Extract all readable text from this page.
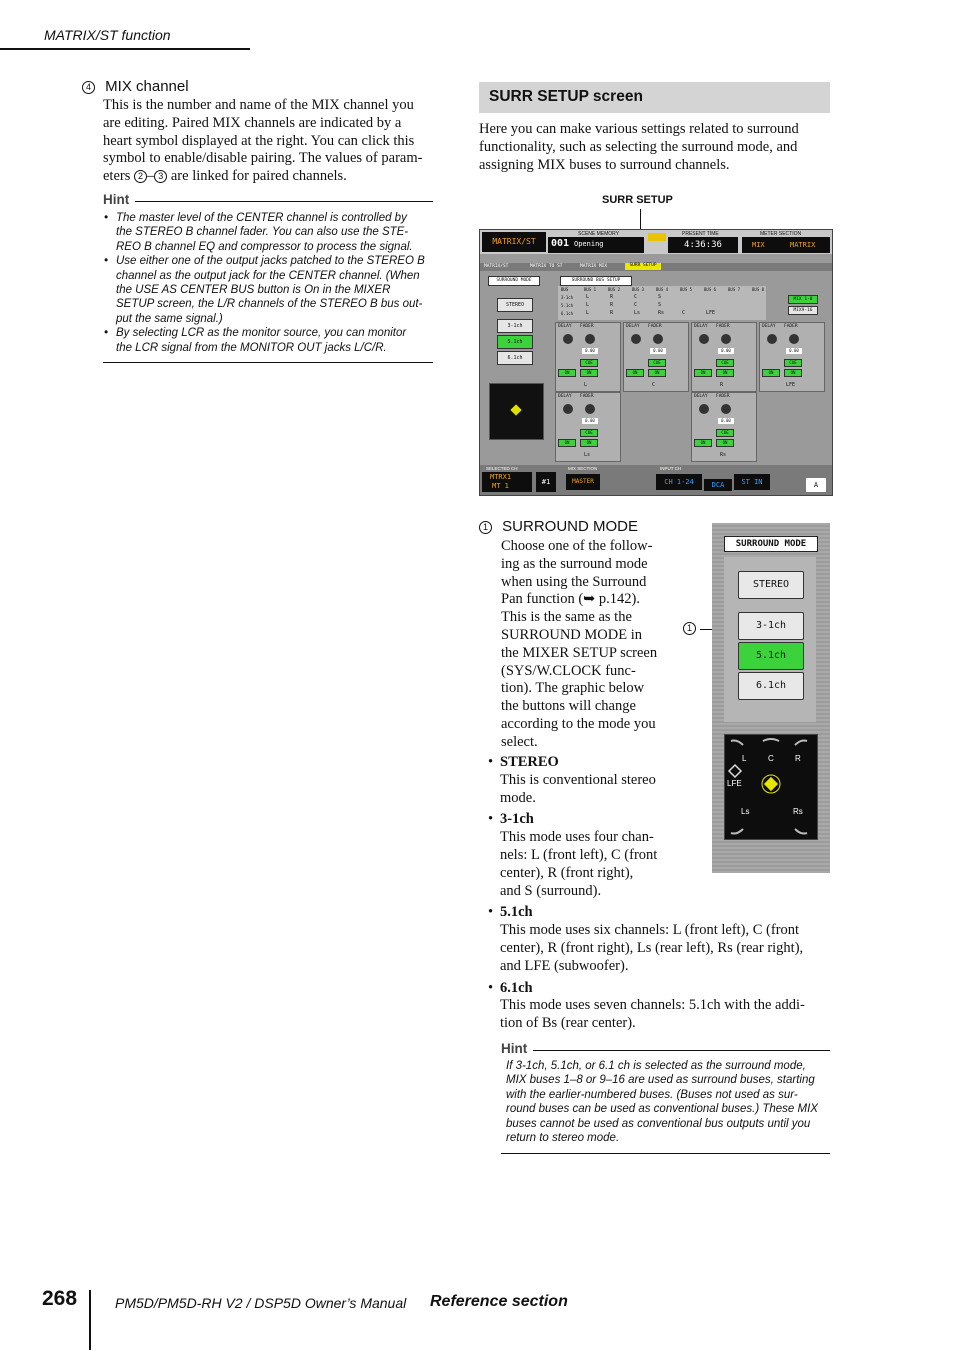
MATRIX/ST function
4 MIX channel
This is the number and name of the MIX channel you
are editing. Paired MIX channels are indicated by a
heart symbol displayed at the right. You can click this
symbol to enable/disable pairing. The values of param-
eters 2 – 3 are linked for paired channels.
Hint
• The master level of the CENTER channel is controlled by
the STEREO B channel fader. You can also use the STE-
REO B channel EQ and compressor to process the signal.
• Use either one of the output jacks patched to the STEREO B
channel as the output jack for the CENTER channel. (When
the USE AS CENTER BUS button is On in the MIXER
SETUP screen, the L/R channels of the STEREO B bus out-
put the same signal.)
• By selecting LCR as the monitor source, you can monitor
the LCR signal from the MONITOR OUT jacks L/C/R.
SURR SETUP screen
Here you can make various settings related to surround
functionality, such as selecting the surround mode, and
assigning MIX buses to surround channels.
SURR SETUP
MATRIX/ST
SCENE MEMORY
001 Opening
PRESENT TIME
4:36:36
METER SECTION
MIX	MATRIX
MATRIX/ST	MATRIX TO ST	MATRIX MIX	SURR SETUP
SURROUND MODE
STEREO
3-1ch
5.1ch
6.1ch
SURROUND BUS SETUP
BUS	BUS 1	BUS 2	BUS 3	BUS 4	BUS 5	BUS 6	BUS 7	BUS 8
3-1ch	L	R	C	S
5.1ch	L	R	C	S
6.1ch	L	R	Ls	Rs	C	LFE
MIX 1-8
MIX9-16
DELAY FADER
0.00
CUE
ON	ON
L
DELAY FADER
0.00
CUE
ON	ON
C
DELAY FADER
0.00
CUE
ON	ON
R
DELAY FADER
0.00
CUE
ON	ON
LFE
DELAY FADER
0.00
CUE
ON	ON
Ls
DELAY FADER
0.00
CUE
ON	ON
Rs
SELECTED CH
MTRX1
MT 1	#1
MIX SECTION
MASTER
INPUT CH
CH 1-24	DCA	ST IN	A
1 SURROUND MODE
Choose one of the follow-
ing as the surround mode
when using the Surround
Pan function (➥ p.142).
This is the same as the
SURROUND MODE in
the MIXER SETUP screen
(SYS/W.CLOCK func-
tion). The graphic below
the buttons will change
according to the mode you
select.
• STEREO
This is conventional stereo
mode.
• 3-1ch
This mode uses four chan-
nels: L (front left), C (front
center), R (front right),
and S (surround).
• 5.1ch
This mode uses six channels: L (front left), C (front
center), R (front right), Ls (rear left), Rs (rear right),
and LFE (subwoofer).
• 6.1ch
This mode uses seven channels: 5.1ch with the addi-
tion of Bs (rear center).
1
SURROUND MODE
STEREO
3-1ch
5.1ch
6.1ch
L	C	R
LFE
Ls	Rs
Hint
If 3-1ch, 5.1ch, or 6.1 ch is selected as the surround mode,
MIX buses 1–8 or 9–16 are used as surround buses, starting
with the earlier-numbered buses. (Buses not used as sur-
round buses can be used as conventional buses.) These MIX
buses cannot be used as conventional bus outputs until you
return to stereo mode.
268	PM5D/PM5D-RH V2 / DSP5D Owner’s Manual Reference section
